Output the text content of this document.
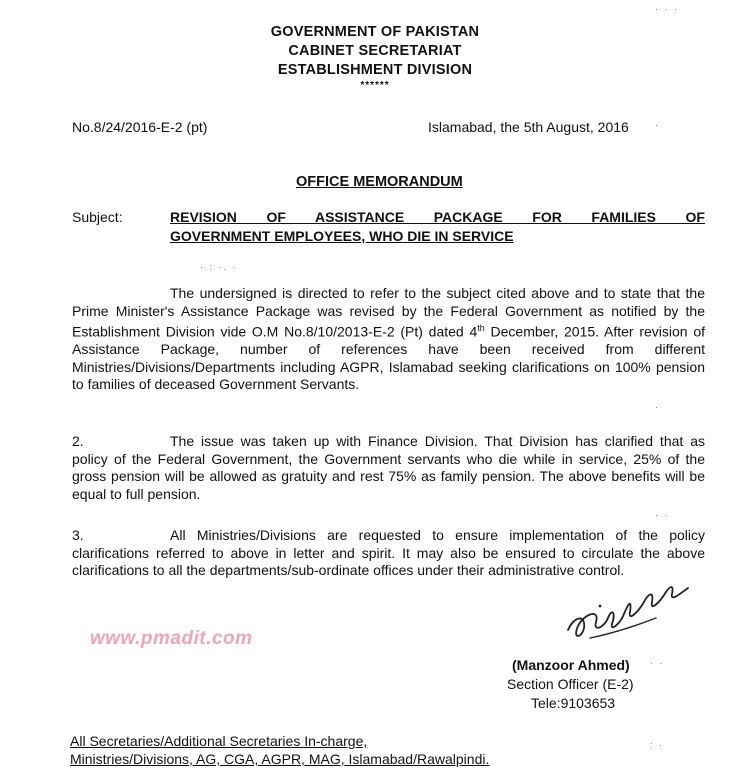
GOVERNMENT OF PAKISTAN
CABINET SECRETARIAT
ESTABLISHMENT DIVISION
******
No.8/24/2016-E-2 (pt)	Islamabad, the 5th August, 2016
OFFICE MEMORANDUM
Subject:	REVISION OF ASSISTANCE PACKAGE FOR FAMILIES OF
GOVERNMENT EMPLOYEES, WHO DIE IN SERVICE
The undersigned is directed to refer to the subject cited above and to state that the Prime Minister's Assistance Package was revised by the Federal Government as notified by the Establishment Division vide O.M No.8/10/2013-E-2 (Pt) dated 4th December, 2015. After revision of Assistance Package, number of references have been received from different Ministries/Divisions/Departments including AGPR, Islamabad seeking clarifications on 100% pension to families of deceased Government Servants.
2.	The issue was taken up with Finance Division. That Division has clarified that as policy of the Federal Government, the Government servants who die while in service, 25% of the gross pension will be allowed as gratuity and rest 75% as family pension. The above benefits will be equal to full pension.
3.	All Ministries/Divisions are requested to ensure implementation of the policy clarifications referred to above in letter and spirit. It may also be ensured to circulate the above clarifications to all the departments/sub-ordinate offices under their administrative control.
www.pmadit.com
(Manzoor Ahmed)
Section Officer (E-2)
Tele:9103653
All Secretaries/Additional Secretaries In-charge,
Ministries/Divisions, AG, CGA, AGPR, MAG, Islamabad/Rawalpindi.
· · ·
·
· : ·. ·
·
· ·
· ·
: ·
